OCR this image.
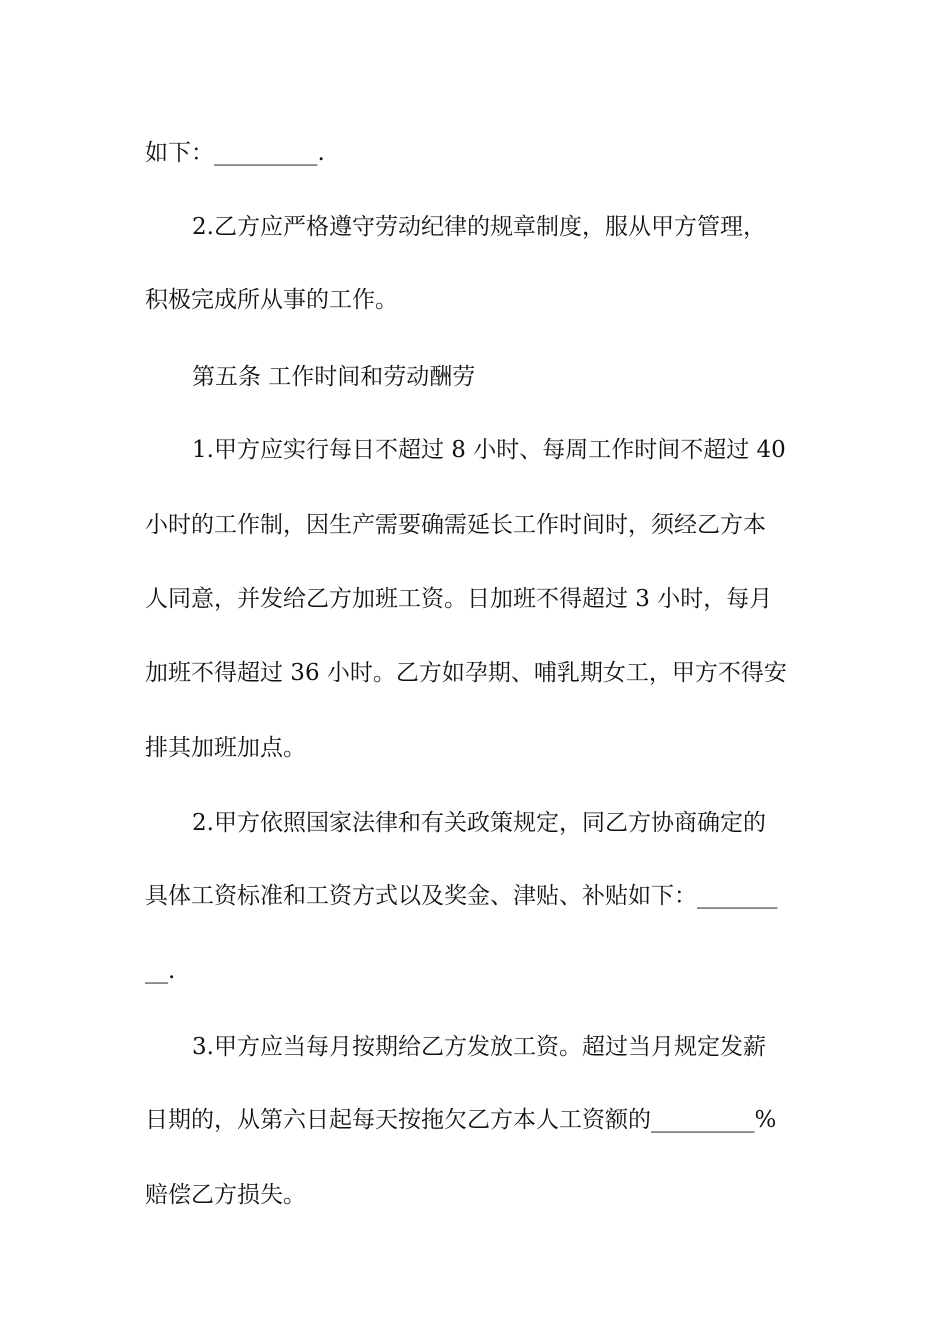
如下：_________.
2.乙方应严格遵守劳动纪律的规章制度，服从甲方管理，
积极完成所从事的工作。
第五条 工作时间和劳动酬劳
1.甲方应实行每日不超过 8 小时、每周工作时间不超过 40
小时的工作制，因生产需要确需延长工作时间时，须经乙方本
人同意，并发给乙方加班工资。日加班不得超过 3 小时，每月
加班不得超过 36 小时。乙方如孕期、哺乳期女工，甲方不得安
排其加班加点。
2.甲方依照国家法律和有关政策规定，同乙方协商确定的
具体工资标准和工资方式以及奖金、津贴、补贴如下：_______
__.
3.甲方应当每月按期给乙方发放工资。超过当月规定发薪
日期的，从第六日起每天按拖欠乙方本人工资额的_________%
赔偿乙方损失。
